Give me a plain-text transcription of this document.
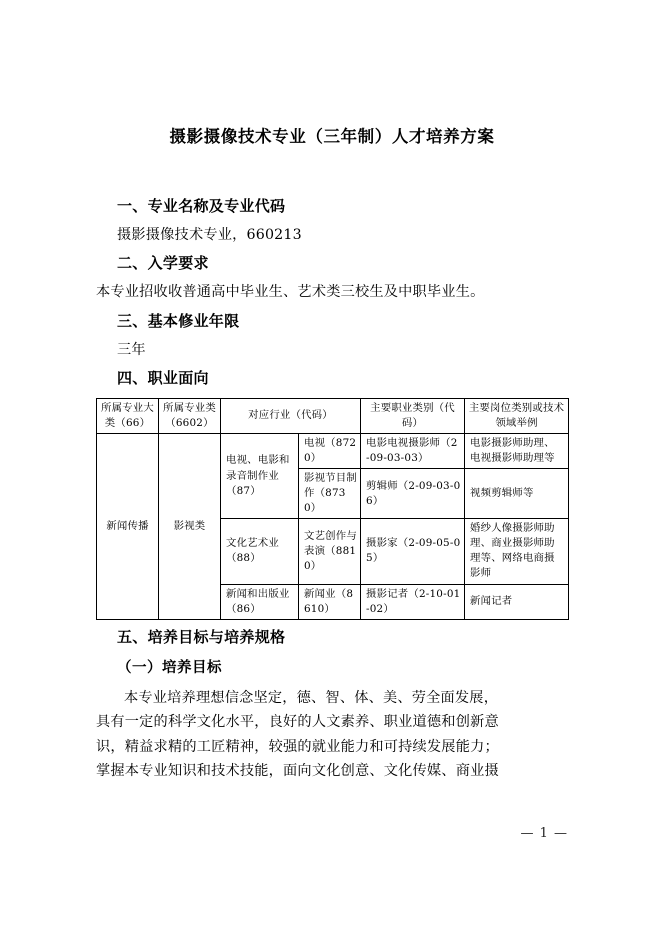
摄影摄像技术专业（三年制）人才培养方案
一、专业名称及专业代码
摄影摄像技术专业，660213
二、入学要求
本专业招收收普通高中毕业生、艺术类三校生及中职毕业生。
三、基本修业年限
三年
四、职业面向
所属专业大类（66）	所属专业类（6602）	对应行业（代码）		主要职业类别（代码）	主要岗位类别或技术领域举例
新闻传播	影视类	电视、电影和录音制作业（87）	电视（8720）	电影电视摄影师（2-09-03-03）	电影摄影师助理、电视摄影师助理等
			影视节目制作（8730）	剪辑师（2-09-03-06）	视频剪辑师等
		文化艺术业（88）	文艺创作与表演（8810）	摄影家（2-09-05-05）	婚纱人像摄影师助理、商业摄影师助理等、网络电商摄影师
		新闻和出版业（86）	新闻业（8610）	摄影记者（2-10-01-02）	新闻记者
五、培养目标与培养规格
（一）培养目标
本专业培养理想信念坚定，德、智、体、美、劳全面发展，
具有一定的科学文化水平，良好的人文素养、职业道德和创新意
识，精益求精的工匠精神，较强的就业能力和可持续发展能力；
掌握本专业知识和技术技能，面向文化创意、文化传媒、商业摄
— 1 —
